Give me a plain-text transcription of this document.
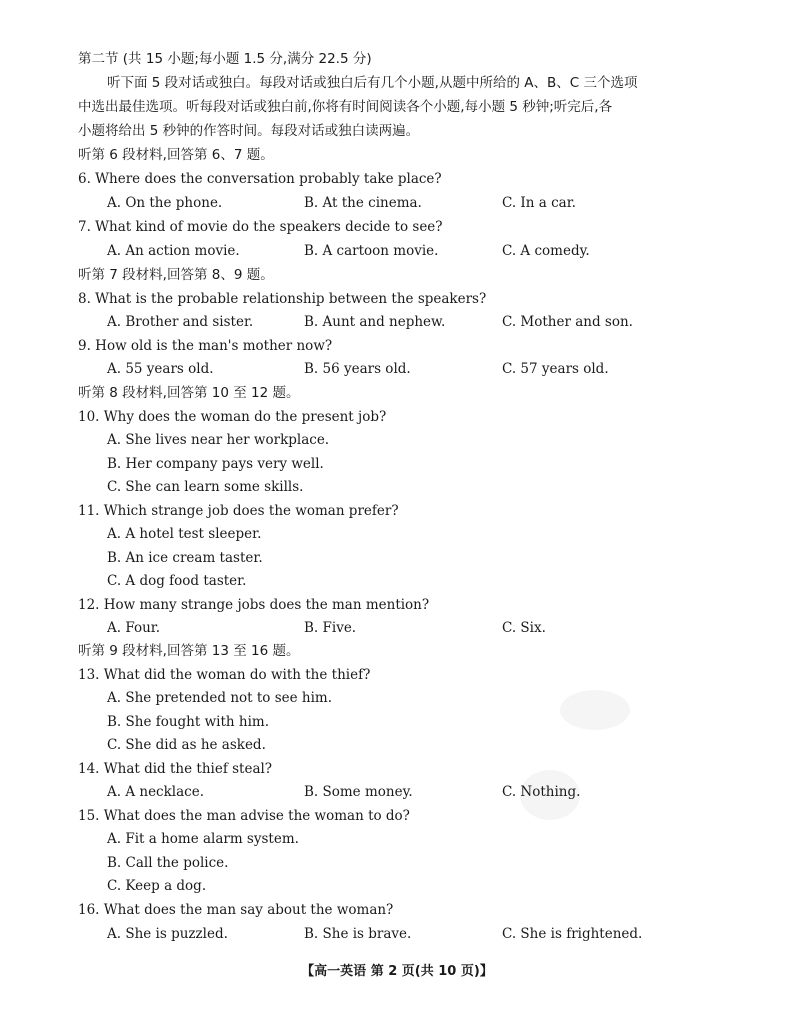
第二节 (共 15 小题;每小题 1.5 分,满分 22.5 分)
听下面 5 段对话或独白。每段对话或独白后有几个小题,从题中所给的 A、B、C 三个选项
中选出最佳选项。听每段对话或独白前,你将有时间阅读各个小题,每小题 5 秒钟;听完后,各
小题将给出 5 秒钟的作答时间。每段对话或独白读两遍。
听第 6 段材料,回答第 6、7 题。
6. Where does the conversation probably take place?
A. On the phone.	B. At the cinema.	C. In a car.
7. What kind of movie do the speakers decide to see?
A. An action movie.	B. A cartoon movie.	C. A comedy.
听第 7 段材料,回答第 8、9 题。
8. What is the probable relationship between the speakers?
A. Brother and sister.	B. Aunt and nephew.	C. Mother and son.
9. How old is the man's mother now?
A. 55 years old.	B. 56 years old.	C. 57 years old.
听第 8 段材料,回答第 10 至 12 题。
10. Why does the woman do the present job?
A. She lives near her workplace.
B. Her company pays very well.
C. She can learn some skills.
11. Which strange job does the woman prefer?
A. A hotel test sleeper.
B. An ice cream taster.
C. A dog food taster.
12. How many strange jobs does the man mention?
A. Four.	B. Five.	C. Six.
听第 9 段材料,回答第 13 至 16 题。
13. What did the woman do with the thief?
A. She pretended not to see him.
B. She fought with him.
C. She did as he asked.
14. What did the thief steal?
A. A necklace.	B. Some money.	C. Nothing.
15. What does the man advise the woman to do?
A. Fit a home alarm system.
B. Call the police.
C. Keep a dog.
16. What does the man say about the woman?
A. She is puzzled.	B. She is brave.	C. She is frightened.
【高一英语 第 2 页(共 10 页)】
